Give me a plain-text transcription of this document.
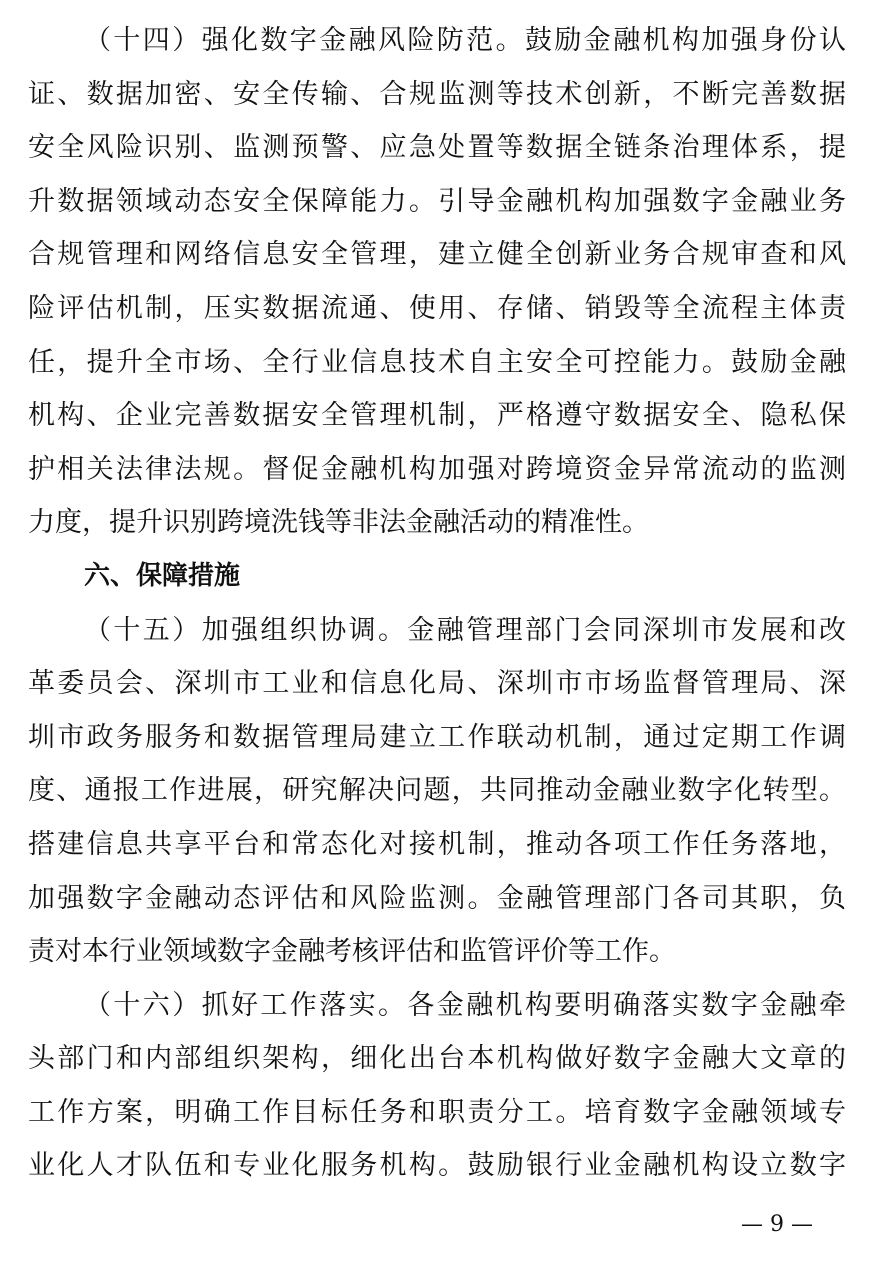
（十四）强化数字金融风险防范。鼓励金融机构加强身份认
证、数据加密、安全传输、合规监测等技术创新，不断完善数据
安全风险识别、监测预警、应急处置等数据全链条治理体系，提
升数据领域动态安全保障能力。引导金融机构加强数字金融业务
合规管理和网络信息安全管理，建立健全创新业务合规审查和风
险评估机制，压实数据流通、使用、存储、销毁等全流程主体责
任，提升全市场、全行业信息技术自主安全可控能力。鼓励金融
机构、企业完善数据安全管理机制，严格遵守数据安全、隐私保
护相关法律法规。督促金融机构加强对跨境资金异常流动的监测
力度，提升识别跨境洗钱等非法金融活动的精准性。
六、保障措施
（十五）加强组织协调。金融管理部门会同深圳市发展和改
革委员会、深圳市工业和信息化局、深圳市市场监督管理局、深
圳市政务服务和数据管理局建立工作联动机制，通过定期工作调
度、通报工作进展，研究解决问题，共同推动金融业数字化转型。
搭建信息共享平台和常态化对接机制，推动各项工作任务落地，
加强数字金融动态评估和风险监测。金融管理部门各司其职，负
责对本行业领域数字金融考核评估和监管评价等工作。
（十六）抓好工作落实。各金融机构要明确落实数字金融牵
头部门和内部组织架构，细化出台本机构做好数字金融大文章的
工作方案，明确工作目标任务和职责分工。培育数字金融领域专
业化人才队伍和专业化服务机构。鼓励银行业金融机构设立数字
— 9 —
